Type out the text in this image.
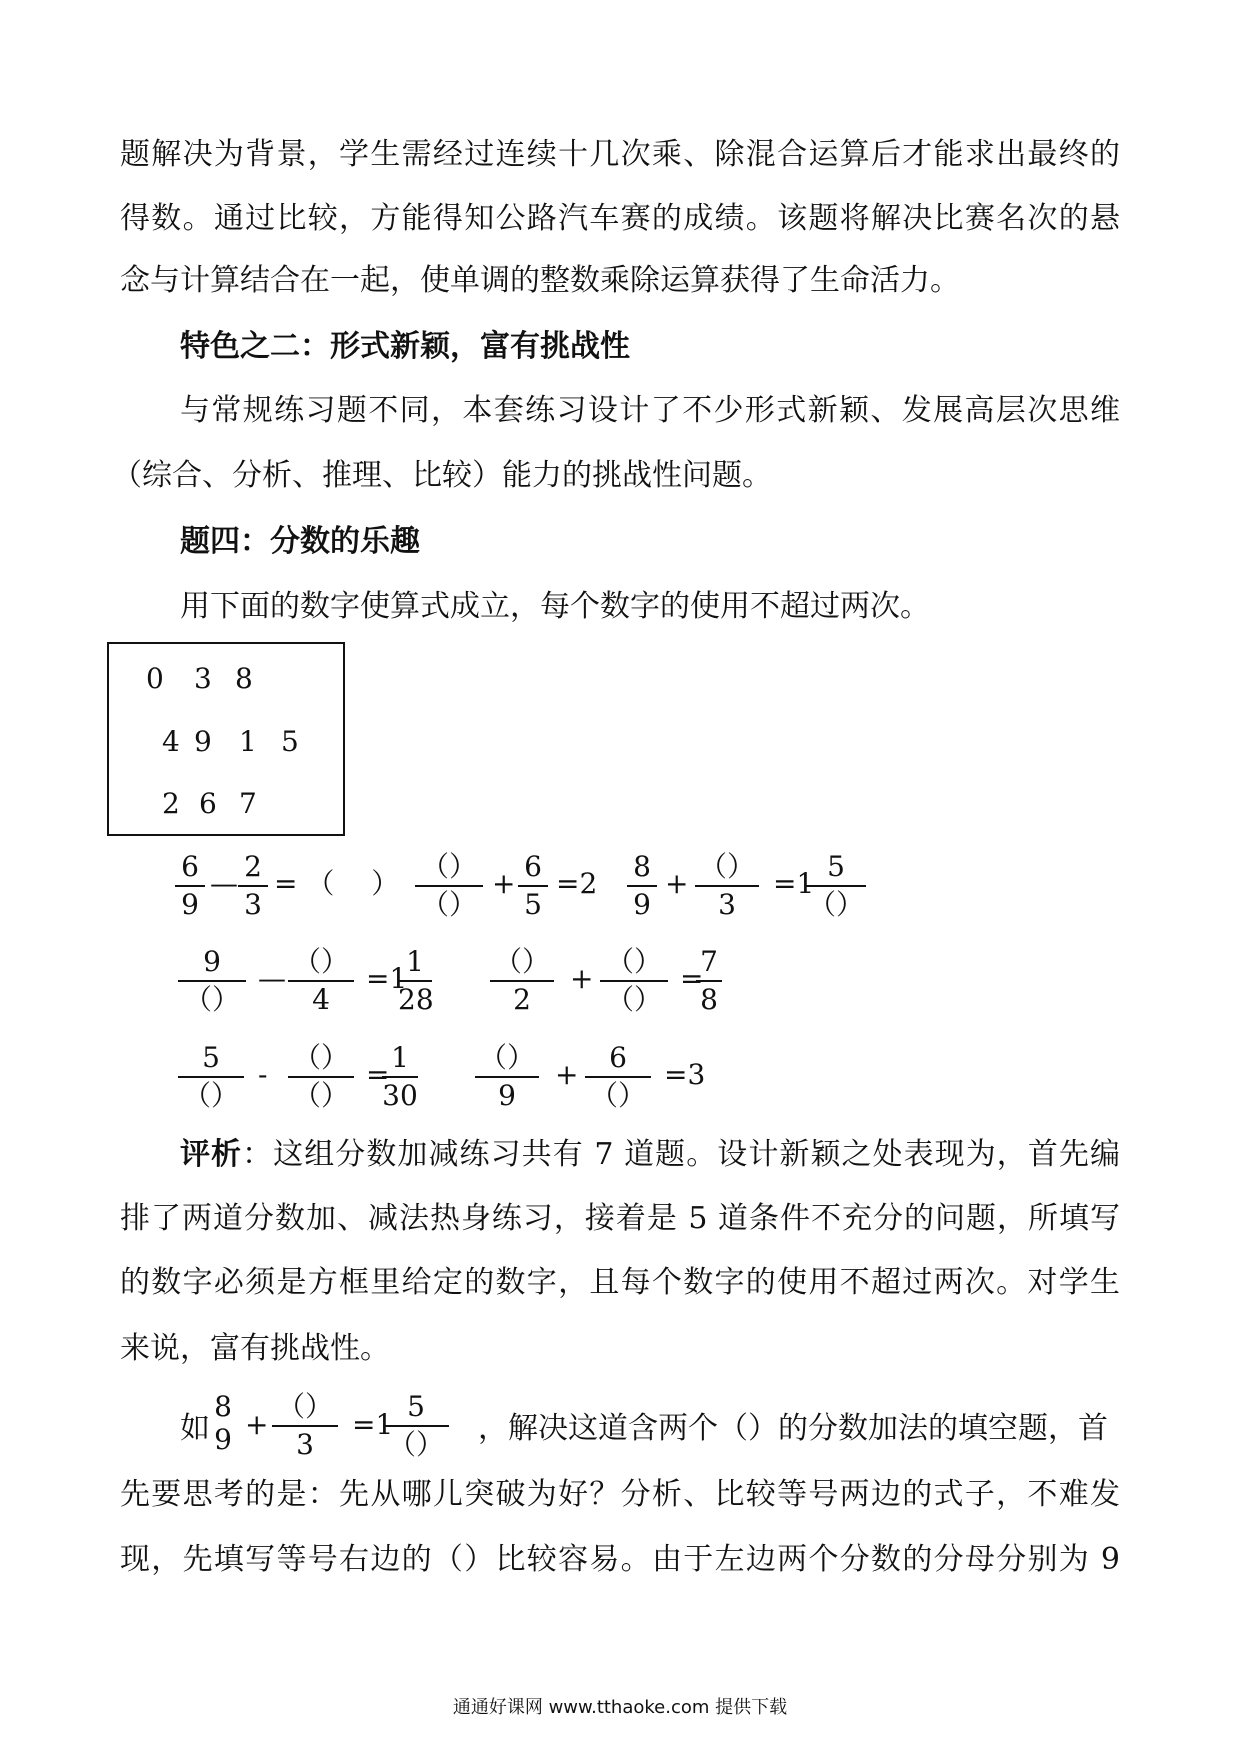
题解决为背景，学生需经过连续十几次乘、除混合运算后才能求出最终的
得数。通过比较，方能得知公路汽车赛的成绩。该题将解决比赛名次的悬
念与计算结合在一起，使单调的整数乘除运算获得了生命活力。
特色之二：形式新颖，富有挑战性
与常规练习题不同，本套练习设计了不少形式新颖、发展高层次思维
（综合、分析、推理、比较）能力的挑战性问题。
题四：分数的乐趣
用下面的数字使算式成立，每个数字的使用不超过两次。
0 3 8
4 9 1 5
2 6 7
6
9
—
2
3
= （　 ）
（）
（）
+
6
5
=2
8
9
+
（）
3
=1
5
（）
9
（）
—
（）
4
=1
1
28
（）
2
+
（）
（）
=
7
8
5
（）
-
（）
（）
=
1
30
（）
9
+
6
（）
=3
评析：这组分数加减练习共有 7 道题。设计新颖之处表现为，首先编
排了两道分数加、减法热身练习，接着是 5 道条件不充分的问题，所填写
的数字必须是方框里给定的数字，且每个数字的使用不超过两次。对学生
来说，富有挑战性。
如
8
9 +
（）
3
=1
5
（） ，解决这道含两个（）的分数加法的填空题，首
先要思考的是：先从哪儿突破为好？分析、比较等号两边的式子，不难发
现，先填写等号右边的（）比较容易。由于左边两个分数的分母分别为 9
通通好课网 www.tthaoke.com 提供下载
